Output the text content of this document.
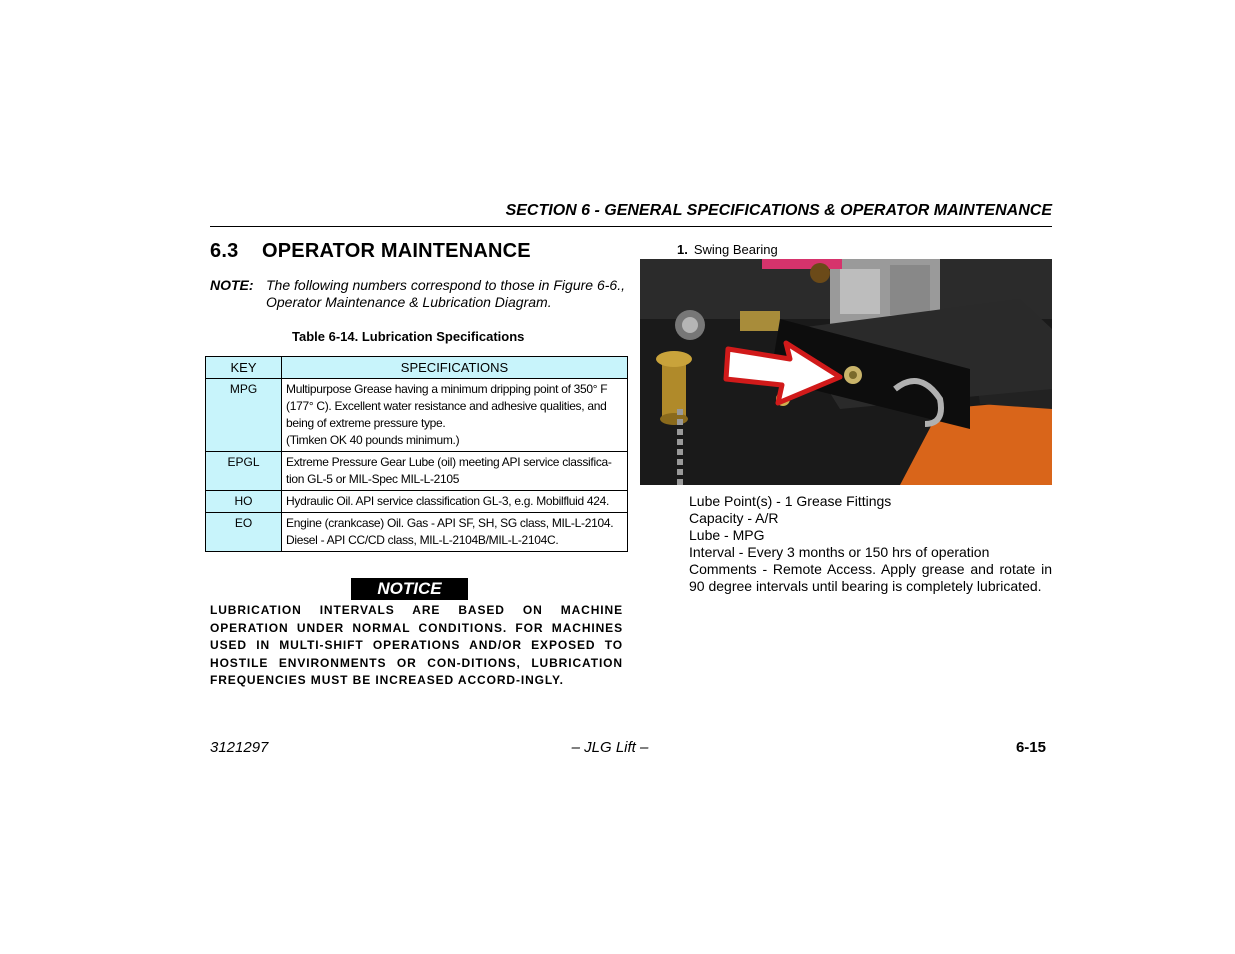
SECTION 6 - GENERAL SPECIFICATIONS & OPERATOR MAINTENANCE
6.3 OPERATOR MAINTENANCE
NOTE: The following numbers correspond to those in Figure 6-6., Operator Maintenance & Lubrication Diagram.
Table 6-14. Lubrication Specifications
KEY	SPECIFICATIONS
MPG	Multipurpose Grease having a minimum dripping point of 350° F (177° C). Excellent water resistance and adhesive qualities, and being of extreme pressure type.
(Timken OK 40 pounds minimum.)

EPGL	Extreme Pressure Gear Lube (oil) meeting API service classifica-tion GL-5 or MIL-Spec MIL-L-2105

HO	Hydraulic Oil. API service classification GL-3, e.g. Mobilfluid 424.

EO	Engine (crankcase) Oil. Gas - API SF, SH, SG class, MIL-L-2104.
Diesel - API CC/CD class, MIL-L-2104B/MIL-L-2104C.
NOTICE
LUBRICATION INTERVALS ARE BASED ON MACHINE OPERATION UNDER NORMAL CONDITIONS. FOR MACHINES USED IN MULTI-SHIFT OPERATIONS AND/OR EXPOSED TO HOSTILE ENVIRONMENTS OR CON-DITIONS, LUBRICATION FREQUENCIES MUST BE INCREASED ACCORD-INGLY.
1. Swing Bearing
Lube Point(s) - 1 Grease Fittings
Capacity - A/R
Lube - MPG
Interval - Every 3 months or 150 hrs of operation
Comments - Remote Access. Apply grease and rotate in 90 degree intervals until bearing is completely lubricated.
3121297	– JLG Lift –	6-15
